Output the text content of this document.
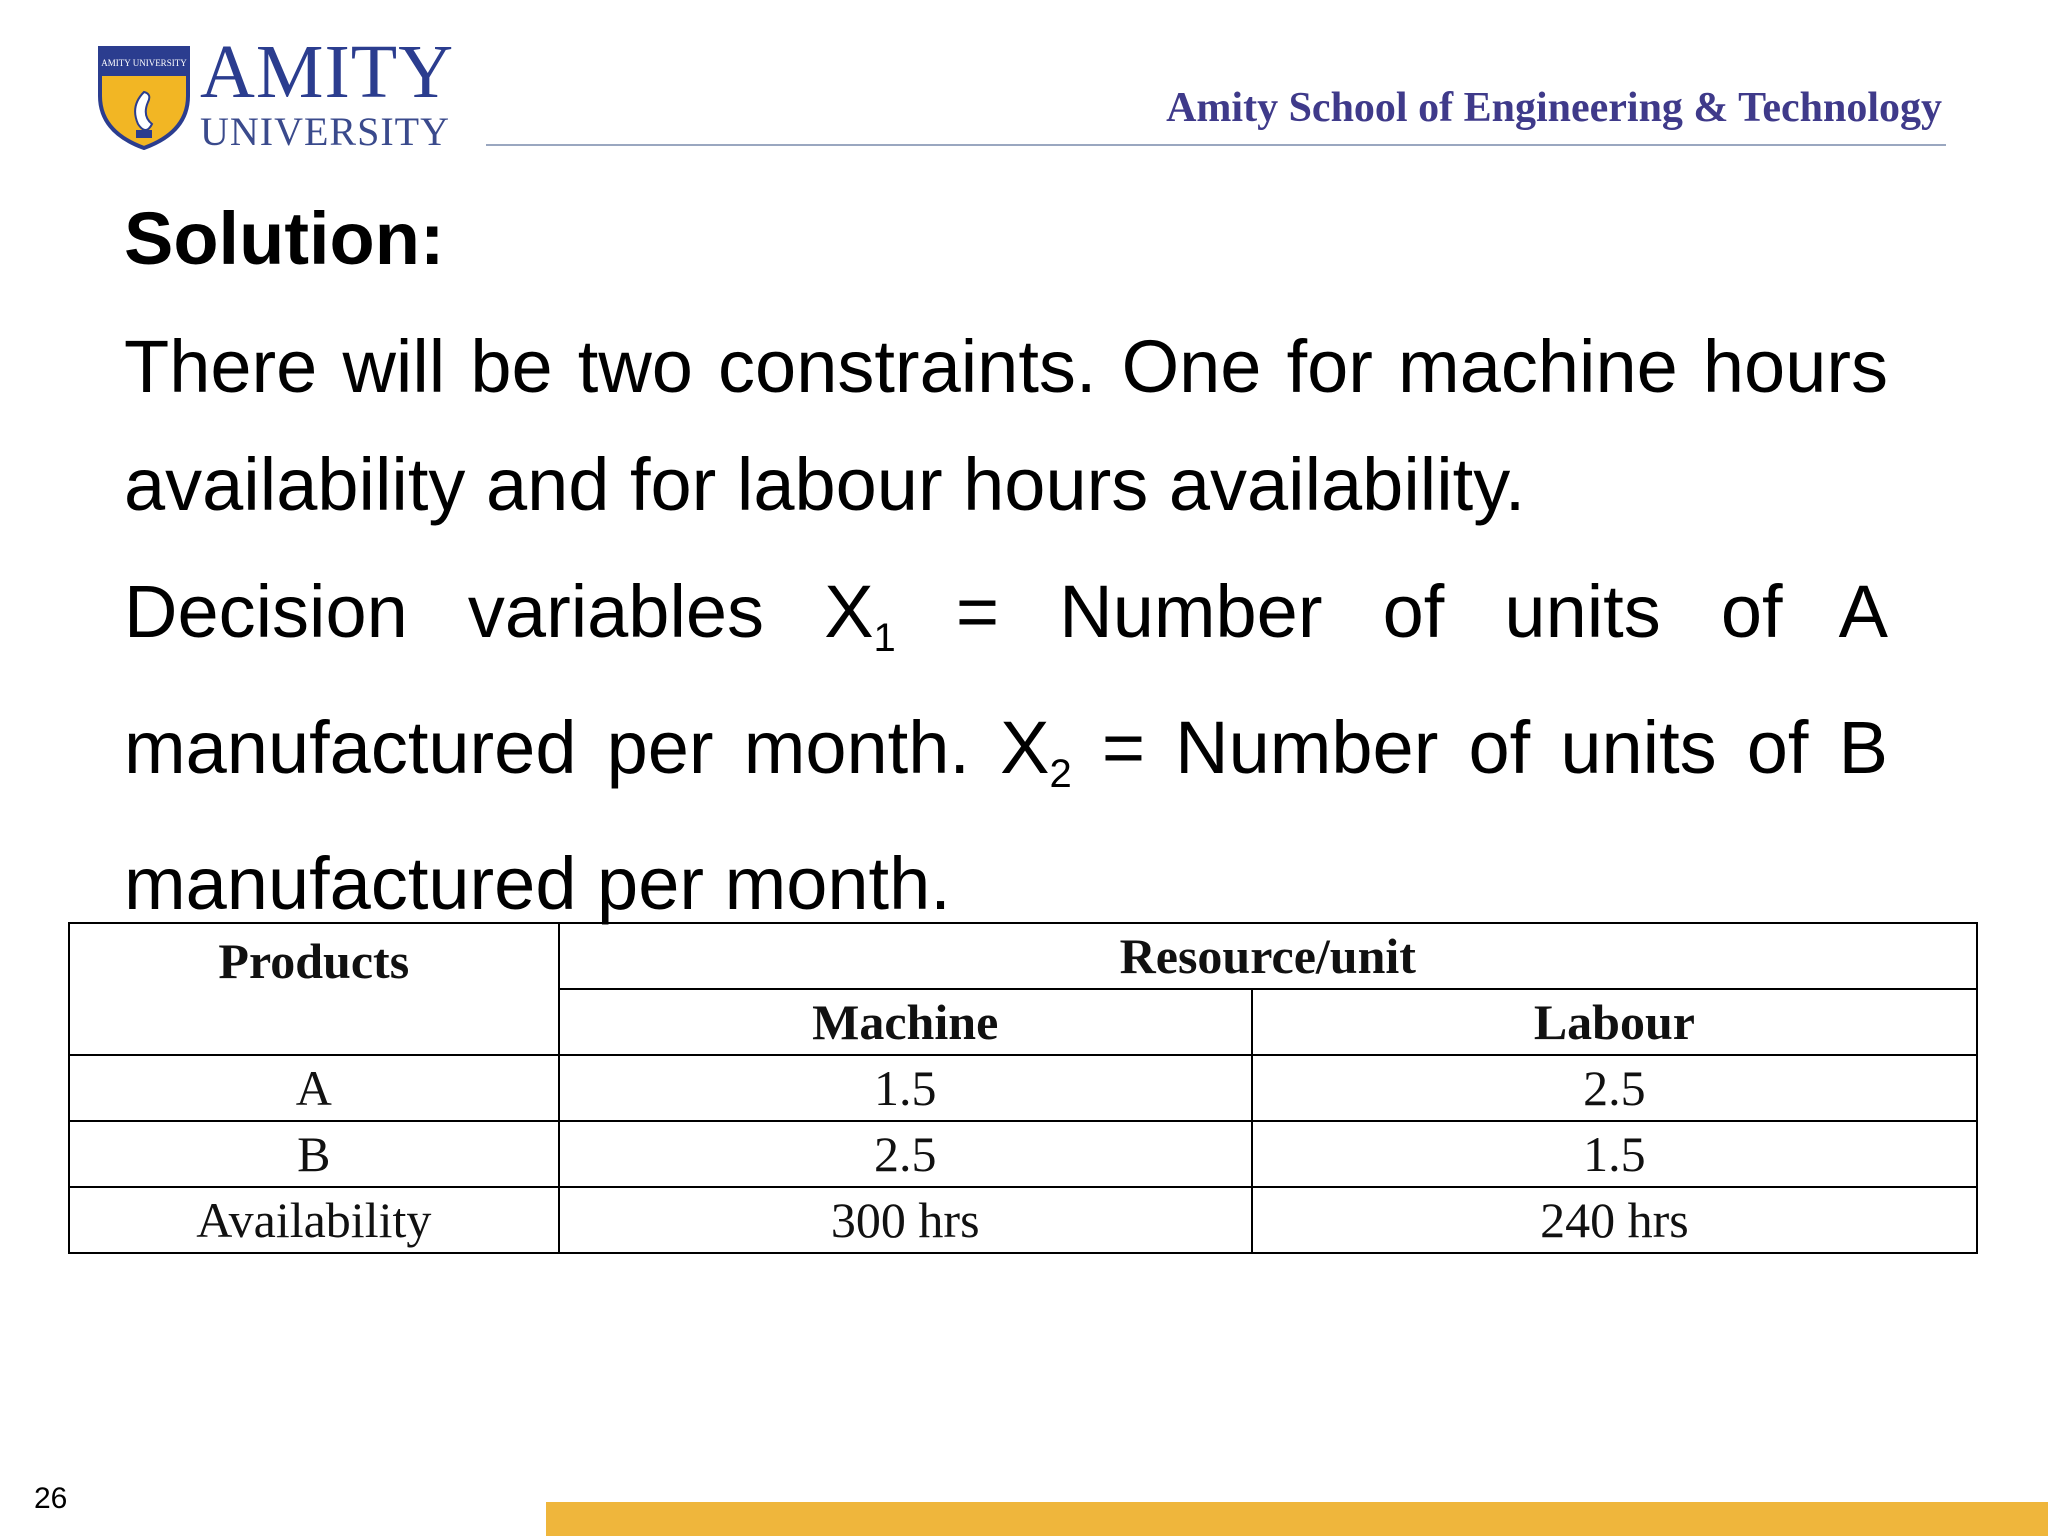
AMITY UNIVERSITY AMITY
UNIVERSITY
Amity School of Engineering & Technology
Solution:

There will be two constraints. One for machine hours availability and for labour hours availability.

Decision variables $X_1$ = Number of units of A manufactured per month. $X_2$ = Number of units of B manufactured per month.

Products	Resource/unit	
	Machine	Labour
A	1.5	2.5
B	2.5	1.5
Availability	300 hrs	240 hrs
26
